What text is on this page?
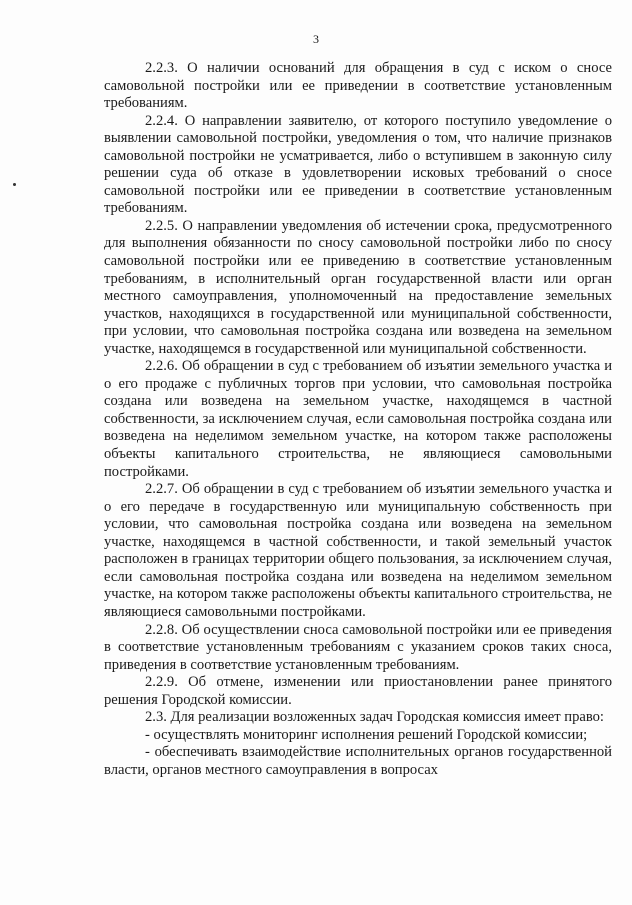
3

2.2.3. О наличии оснований для обращения в суд с иском о сносе самовольной постройки или ее приведении в соответствие установленным требованиям.

2.2.4. О направлении заявителю, от которого поступило уведомление о выявлении самовольной постройки, уведомления о том, что наличие признаков самовольной постройки не усматривается, либо о вступившем в законную силу решении суда об отказе в удовлетворении исковых требований о сносе самовольной постройки или ее приведении в соответствие установленным требованиям.

2.2.5. О направлении уведомления об истечении срока, предусмотренного для выполнения обязанности по сносу самовольной постройки либо по сносу самовольной постройки или ее приведению в соответствие установленным требованиям, в исполнительный орган государственной власти или орган местного самоуправления, уполномоченный на предоставление земельных участков, находящихся в государственной или муниципальной собственности, при условии, что самовольная постройка создана или возведена на земельном участке, находящемся в государственной или муниципальной собственности.

2.2.6. Об обращении в суд с требованием об изъятии земельного участка и о его продаже с публичных торгов при условии, что самовольная постройка создана или возведена на земельном участке, находящемся в частной собственности, за исключением случая, если самовольная постройка создана или возведена на неделимом земельном участке, на котором также расположены объекты капитального строительства, не являющиеся самовольными постройками.

2.2.7. Об обращении в суд с требованием об изъятии земельного участка и о его передаче в государственную или муниципальную собственность при условии, что самовольная постройка создана или возведена на земельном участке, находящемся в частной собственности, и такой земельный участок расположен в границах территории общего пользования, за исключением случая, если самовольная постройка создана или возведена на неделимом земельном участке, на котором также расположены объекты капитального строительства, не являющиеся самовольными постройками.

2.2.8. Об осуществлении сноса самовольной постройки или ее приведения в соответствие установленным требованиям с указанием сроков таких сноса, приведения в соответствие установленным требованиям.

2.2.9. Об отмене, изменении или приостановлении ранее принятого решения Городской комиссии.

2.3. Для реализации возложенных задач Городская комиссия имеет право:

- осуществлять мониторинг исполнения решений Городской комиссии;

- обеспечивать взаимодействие исполнительных органов государственной власти, органов местного самоуправления в вопросах
